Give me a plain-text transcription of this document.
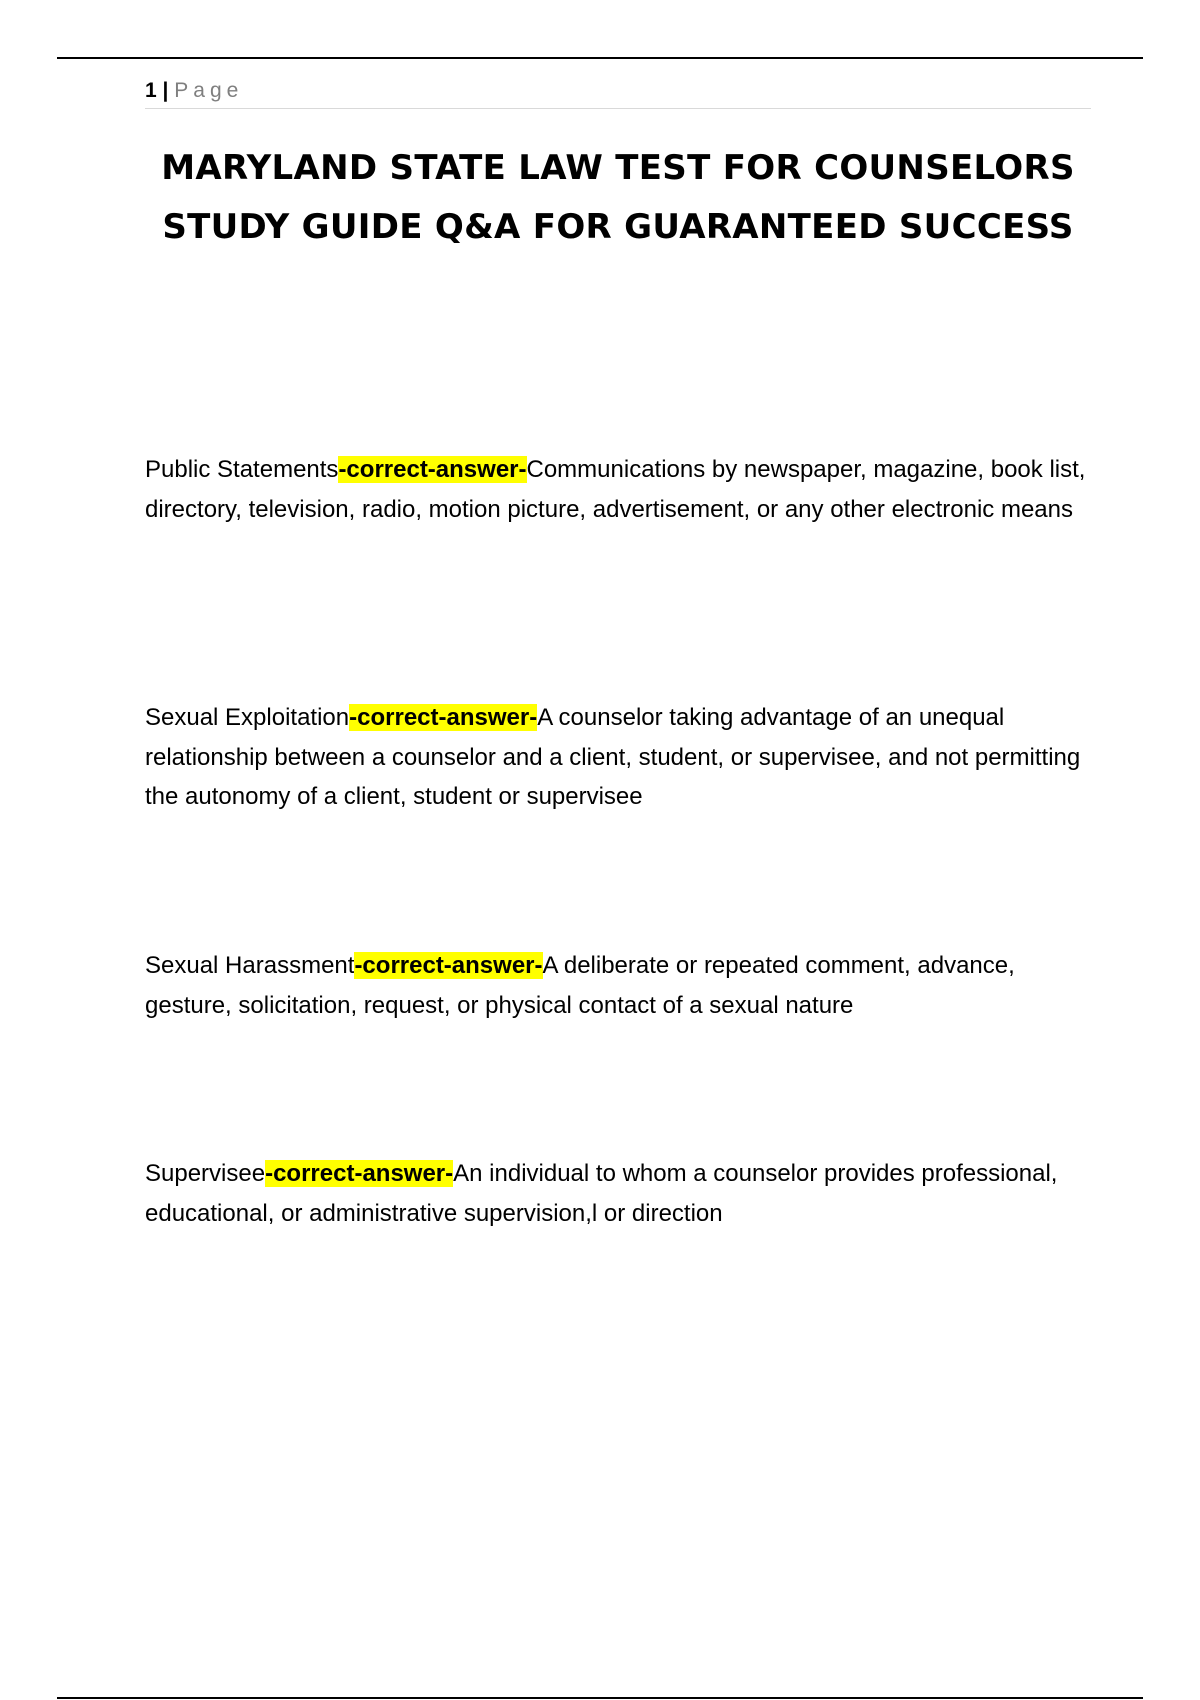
1 | Page
MARYLAND STATE LAW TEST FOR COUNSELORS STUDY GUIDE Q&A FOR GUARANTEED SUCCESS

Public Statements-correct-answer-Communications by newspaper, magazine, book list, directory, television, radio, motion picture, advertisement, or any other electronic means

Sexual Exploitation-correct-answer-A counselor taking advantage of an unequal relationship between a counselor and a client, student, or supervisee, and not permitting the autonomy of a client, student or supervisee

Sexual Harassment-correct-answer-A deliberate or repeated comment, advance, gesture, solicitation, request, or physical contact of a sexual nature

Supervisee-correct-answer-An individual to whom a counselor provides professional, educational, or administrative supervision,l or direction
